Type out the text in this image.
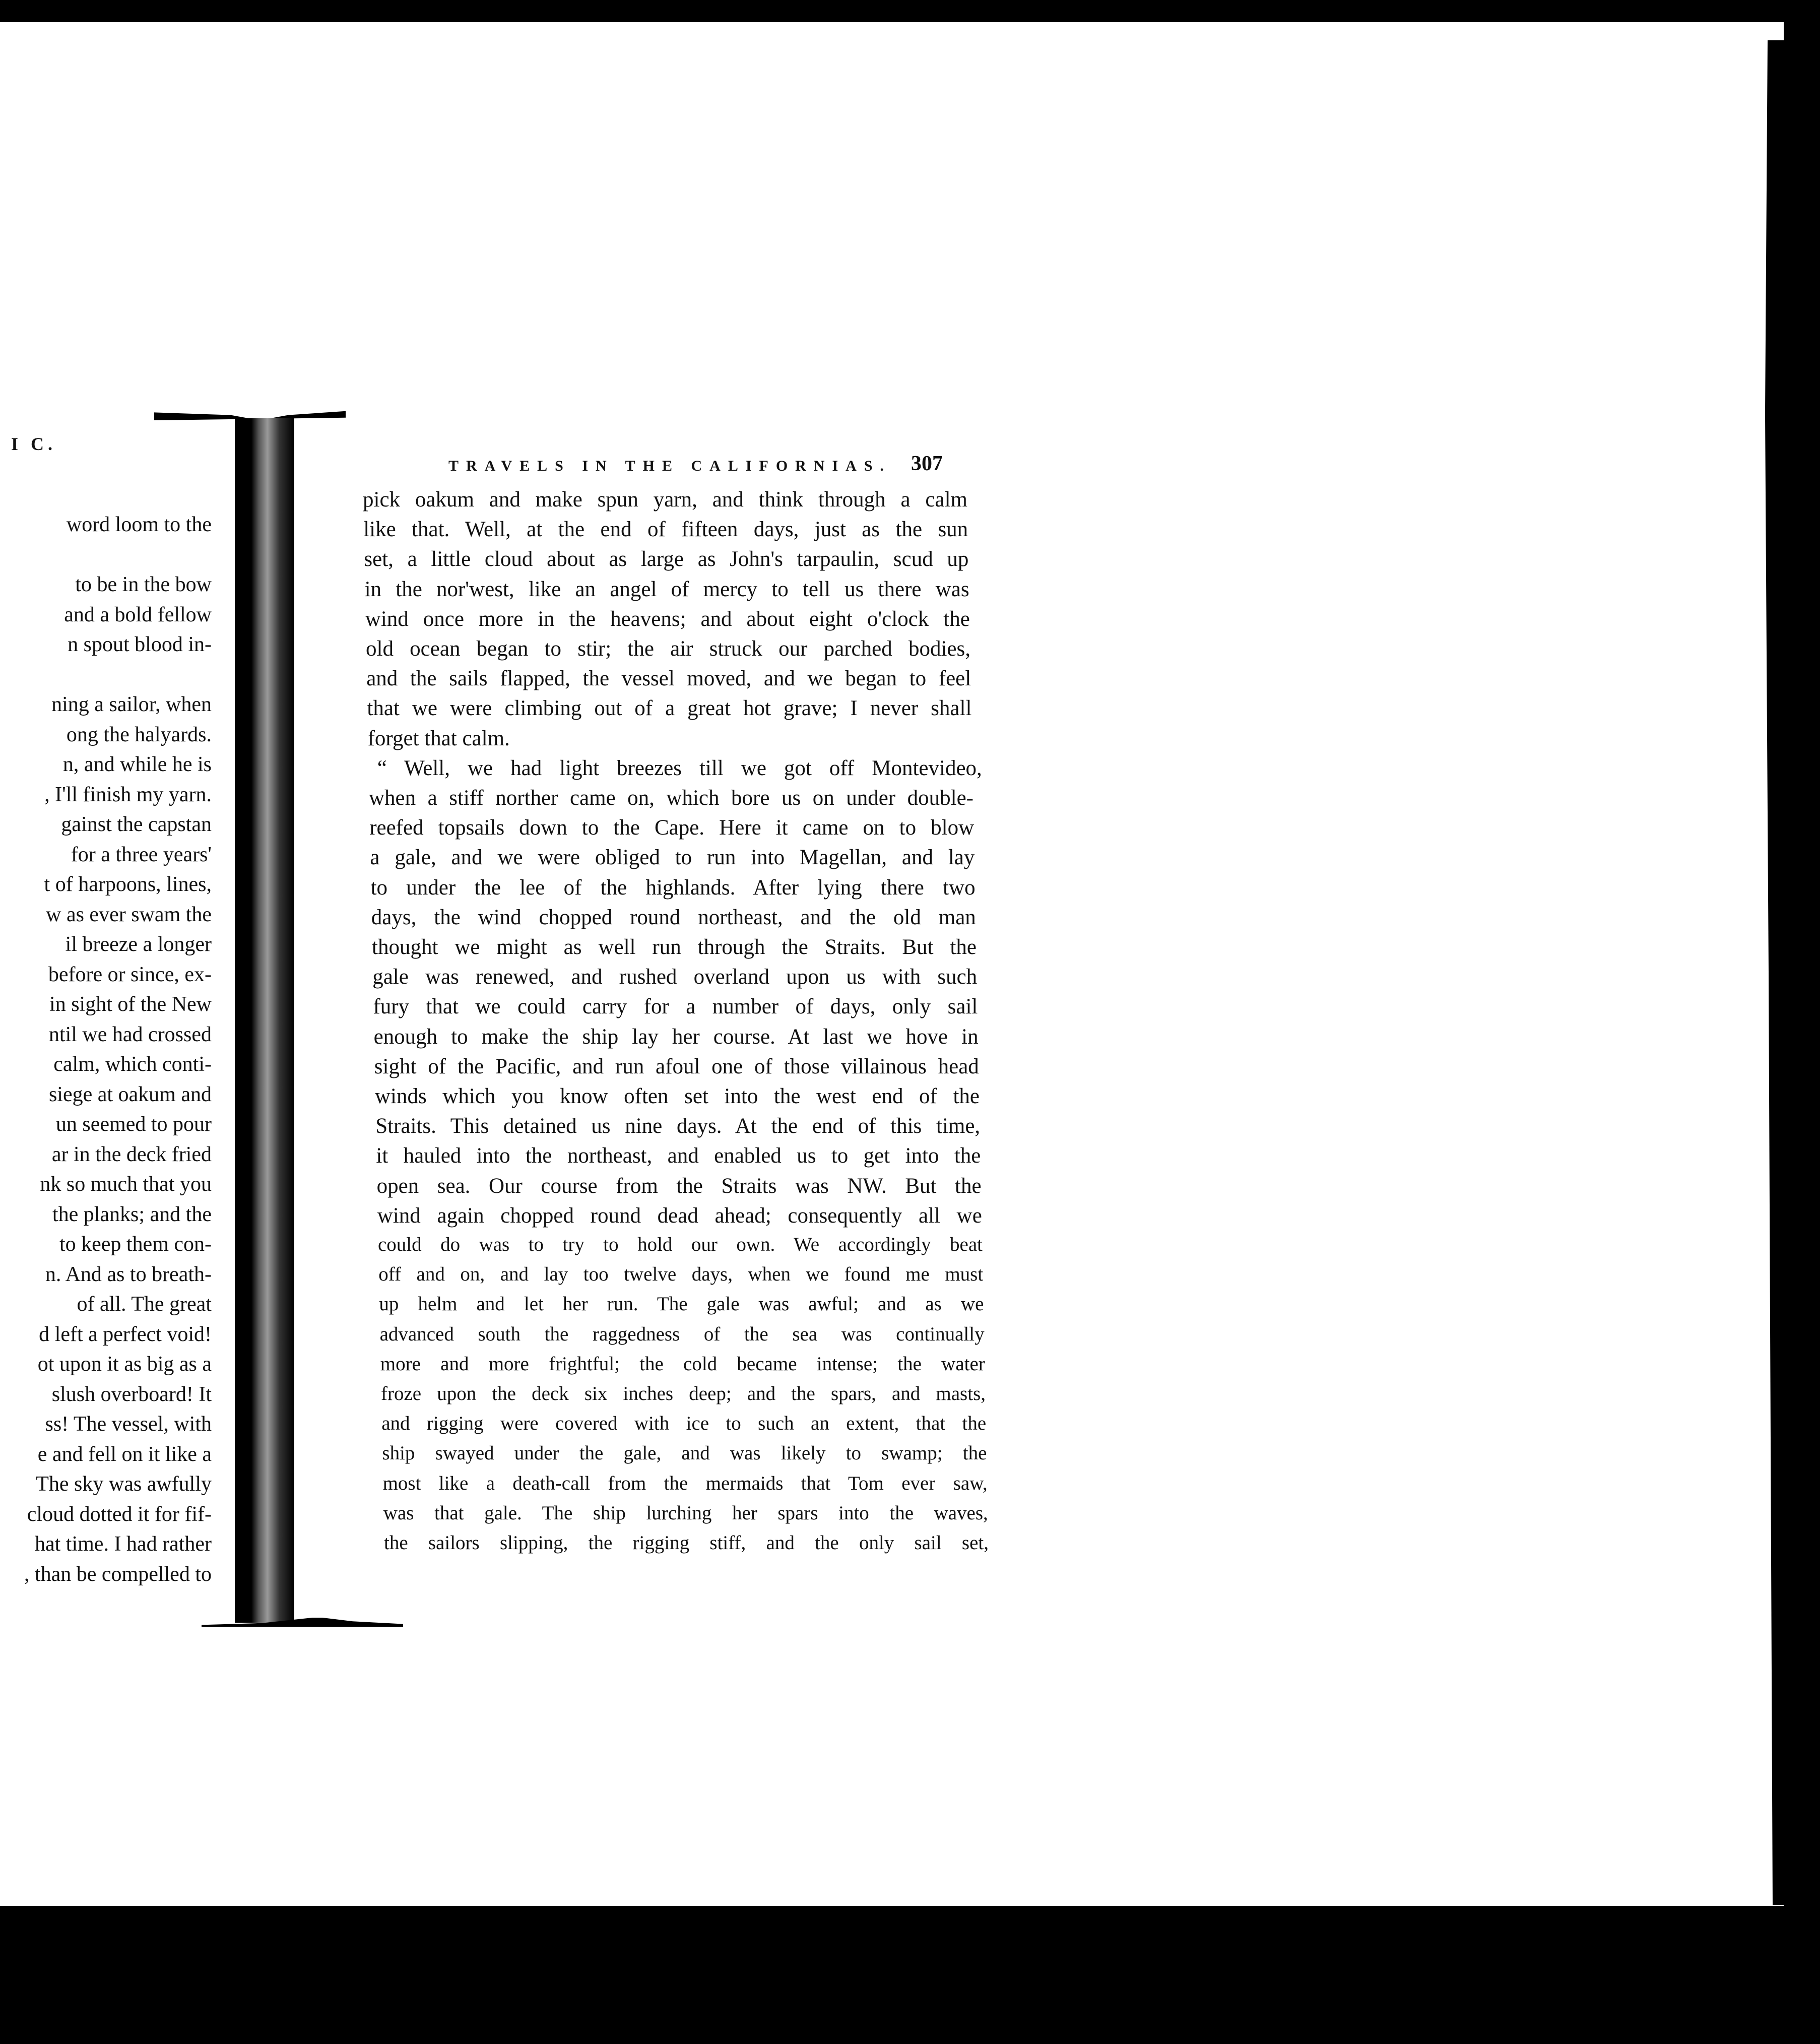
I C.
word loom to the
to be in the bow
and a bold fellow
n spout blood in-
ning a sailor, when
ong the halyards.
n, and while he is
, I'll finish my yarn.
gainst the capstan
for a three years'
t of harpoons, lines,
w as ever swam the
il breeze a longer
before or since, ex-
in sight of the New
ntil we had crossed
calm, which conti-
siege at oakum and
un seemed to pour
ar in the deck fried
nk so much that you
the planks; and the
to keep them con-
n. And as to breath-
of all. The great
d left a perfect void!
ot upon it as big as a
slush overboard! It
ss! The vessel, with
e and fell on it like a
The sky was awfully
cloud dotted it for fif-
hat time. I had rather
, than be compelled to
TRAVELS IN THE CALIFORNIAS. 307
pick oakum and make spun yarn, and think through a calm
like that. Well, at the end of fifteen days, just as the sun
set, a little cloud about as large as John's tarpaulin, scud up
in the nor'west, like an angel of mercy to tell us there was
wind once more in the heavens; and about eight o'clock the
old ocean began to stir; the air struck our parched bodies,
and the sails flapped, the vessel moved, and we began to feel
that we were climbing out of a great hot grave; I never shall
forget that calm.
“ Well, we had light breezes till we got off Montevideo,
when a stiff norther came on, which bore us on under double-
reefed topsails down to the Cape. Here it came on to blow
a gale, and we were obliged to run into Magellan, and lay
to under the lee of the highlands. After lying there two
days, the wind chopped round northeast, and the old man
thought we might as well run through the Straits. But the
gale was renewed, and rushed overland upon us with such
fury that we could carry for a number of days, only sail
enough to make the ship lay her course. At last we hove in
sight of the Pacific, and run afoul one of those villainous head
winds which you know often set into the west end of the
Straits. This detained us nine days. At the end of this time,
it hauled into the northeast, and enabled us to get into the
open sea. Our course from the Straits was NW. But the
wind again chopped round dead ahead; consequently all we
could do was to try to hold our own. We accordingly beat
off and on, and lay too twelve days, when we found me must
up helm and let her run. The gale was awful; and as we
advanced south the raggedness of the sea was continually
more and more frightful; the cold became intense; the water
froze upon the deck six inches deep; and the spars, and masts,
and rigging were covered with ice to such an extent, that the
ship swayed under the gale, and was likely to swamp; the
most like a death-call from the mermaids that Tom ever saw,
was that gale. The ship lurching her spars into the waves,
the sailors slipping, the rigging stiff, and the only sail set,
